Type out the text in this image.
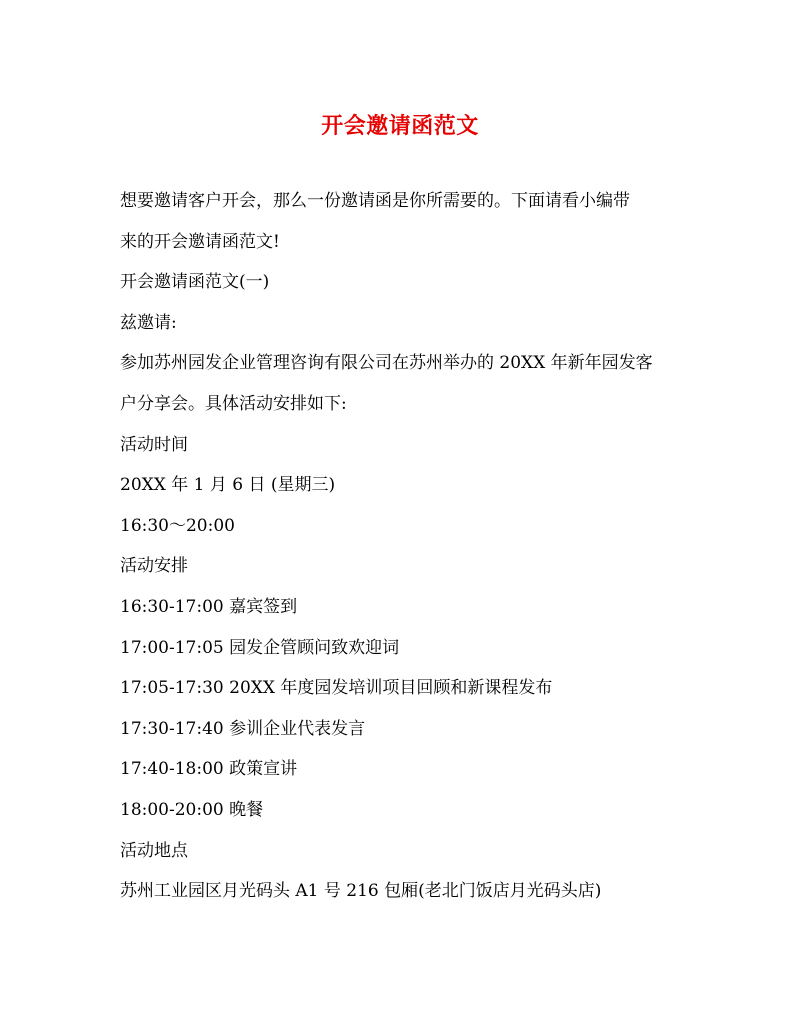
开会邀请函范文

想要邀请客户开会，那么一份邀请函是你所需要的。下面请看小编带

来的开会邀请函范文!

开会邀请函范文(一)

兹邀请:

参加苏州园发企业管理咨询有限公司在苏州举办的 20XX 年新年园发客

户分享会。具体活动安排如下:

活动时间

20XX 年 1 月 6 日 (星期三)

16:30～20:00

活动安排

16:30-17:00 嘉宾签到

17:00-17:05 园发企管顾问致欢迎词

17:05-17:30 20XX 年度园发培训项目回顾和新课程发布

17:30-17:40 参训企业代表发言

17:40-18:00 政策宣讲

18:00-20:00 晚餐

活动地点

苏州工业园区月光码头 A1 号 216 包厢(老北门饭店月光码头店)
